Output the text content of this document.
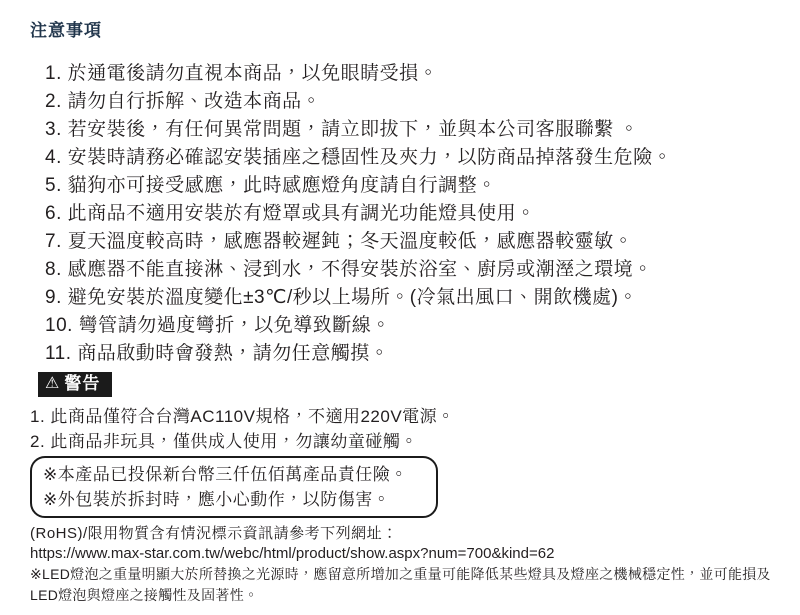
注意事項
1. 於通電後請勿直視本商品，以免眼睛受損。
2. 請勿自行拆解、改造本商品。
3. 若安裝後，有任何異常問題，請立即拔下，並與本公司客服聯繫 。
4. 安裝時請務必確認安裝插座之穩固性及夾力，以防商品掉落發生危險。
5. 貓狗亦可接受感應，此時感應燈角度請自行調整。
6. 此商品不適用安裝於有燈罩或具有調光功能燈具使用。
7. 夏天溫度較高時，感應器較遲鈍；冬天溫度較低，感應器較靈敏。
8. 感應器不能直接淋、浸到水，不得安裝於浴室、廚房或潮溼之環境。
9. 避免安裝於溫度變化±3℃/秒以上場所。(冷氣出風口、開飲機處)。
10. 彎管請勿過度彎折，以免導致斷線。
11. 商品啟動時會發熱，請勿任意觸摸。
⚠ 警告
1. 此商品僅符合台灣AC110V規格，不適用220V電源。
2. 此商品非玩具，僅供成人使用，勿讓幼童碰觸。
※本產品已投保新台幣三仟伍佰萬產品責任險。
※外包裝於拆封時，應小心動作，以防傷害。
(RoHS)/限用物質含有情況標示資訊請參考下列網址：
https://www.max-star.com.tw/webc/html/product/show.aspx?num=700&kind=62
※LED燈泡之重量明顯大於所替換之光源時，應留意所增加之重量可能降低某些燈具及燈座之機械穩定性，並可能損及LED燈泡與燈座之接觸性及固著性。
